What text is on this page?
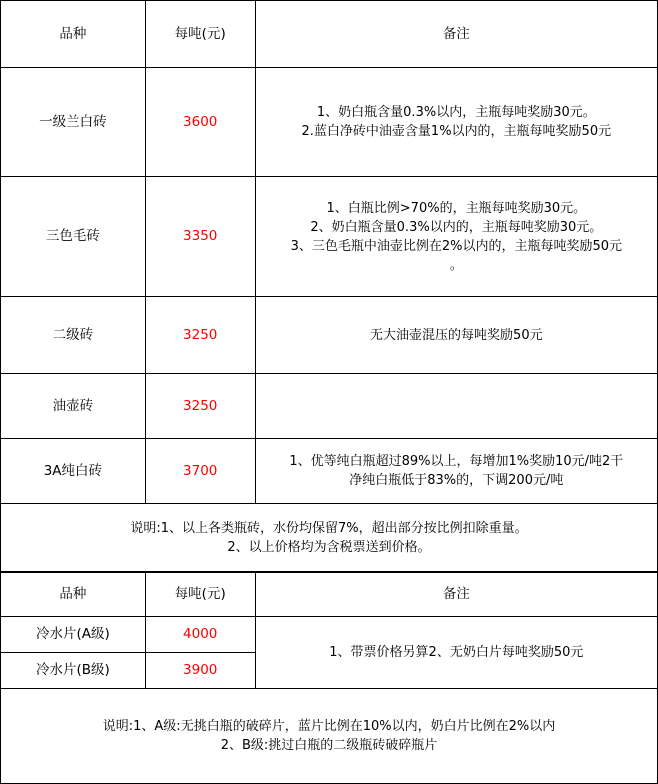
品种	每吨(元)	备注
一级兰白砖	3600	1、奶白瓶含量0.3%以内，主瓶每吨奖励30元。
2.蓝白净砖中油壶含量1%以内的，主瓶每吨奖励50元

三色毛砖	3350	1、白瓶比例>70%的，主瓶每吨奖励30元。
2、奶白瓶含量0.3%以内的，主瓶每吨奖励30元。
3、三色毛瓶中油壶比例在2%以内的，主瓶每吨奖励50元
。

二级砖	3250	无大油壶混压的每吨奖励50元

油壶砖	3250	
3A纯白砖	3700	1、优等纯白瓶超过89%以上，每增加1%奖励10元/吨2干
净纯白瓶低于83%的，下调200元/吨

说明:1、以上各类瓶砖，水份均保留7%，超出部分按比例扣除重量。
2、以上价格均为含税票送到价格。		
品种	每吨(元)	备注
冷水片(A级)	4000	1、带票价格另算2、无奶白片每吨奖励50元
冷水片(B级)	3900	

说明:1、A级:无挑白瓶的破碎片，蓝片比例在10%以内，奶白片比例在2%以内
2、B级:挑过白瓶的二级瓶砖破碎瓶片		
